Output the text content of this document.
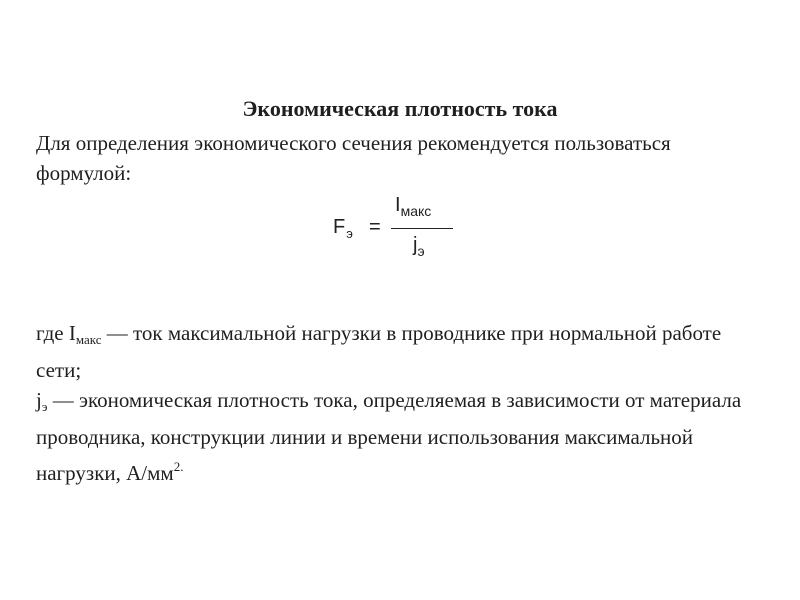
Экономическая плотность тока
Для определения экономического сечения рекомендуется пользоваться формулой:
$F_э$ =
$I_{макс}$
$j_э$

где Iмакс — ток максимальной нагрузки в проводнике при нормальной работе сети;

jэ — экономическая плотность тока, определяемая в зависимости от материала проводника, конструкции линии и времени использования максимальной нагрузки, $А/мм^{2.}$
